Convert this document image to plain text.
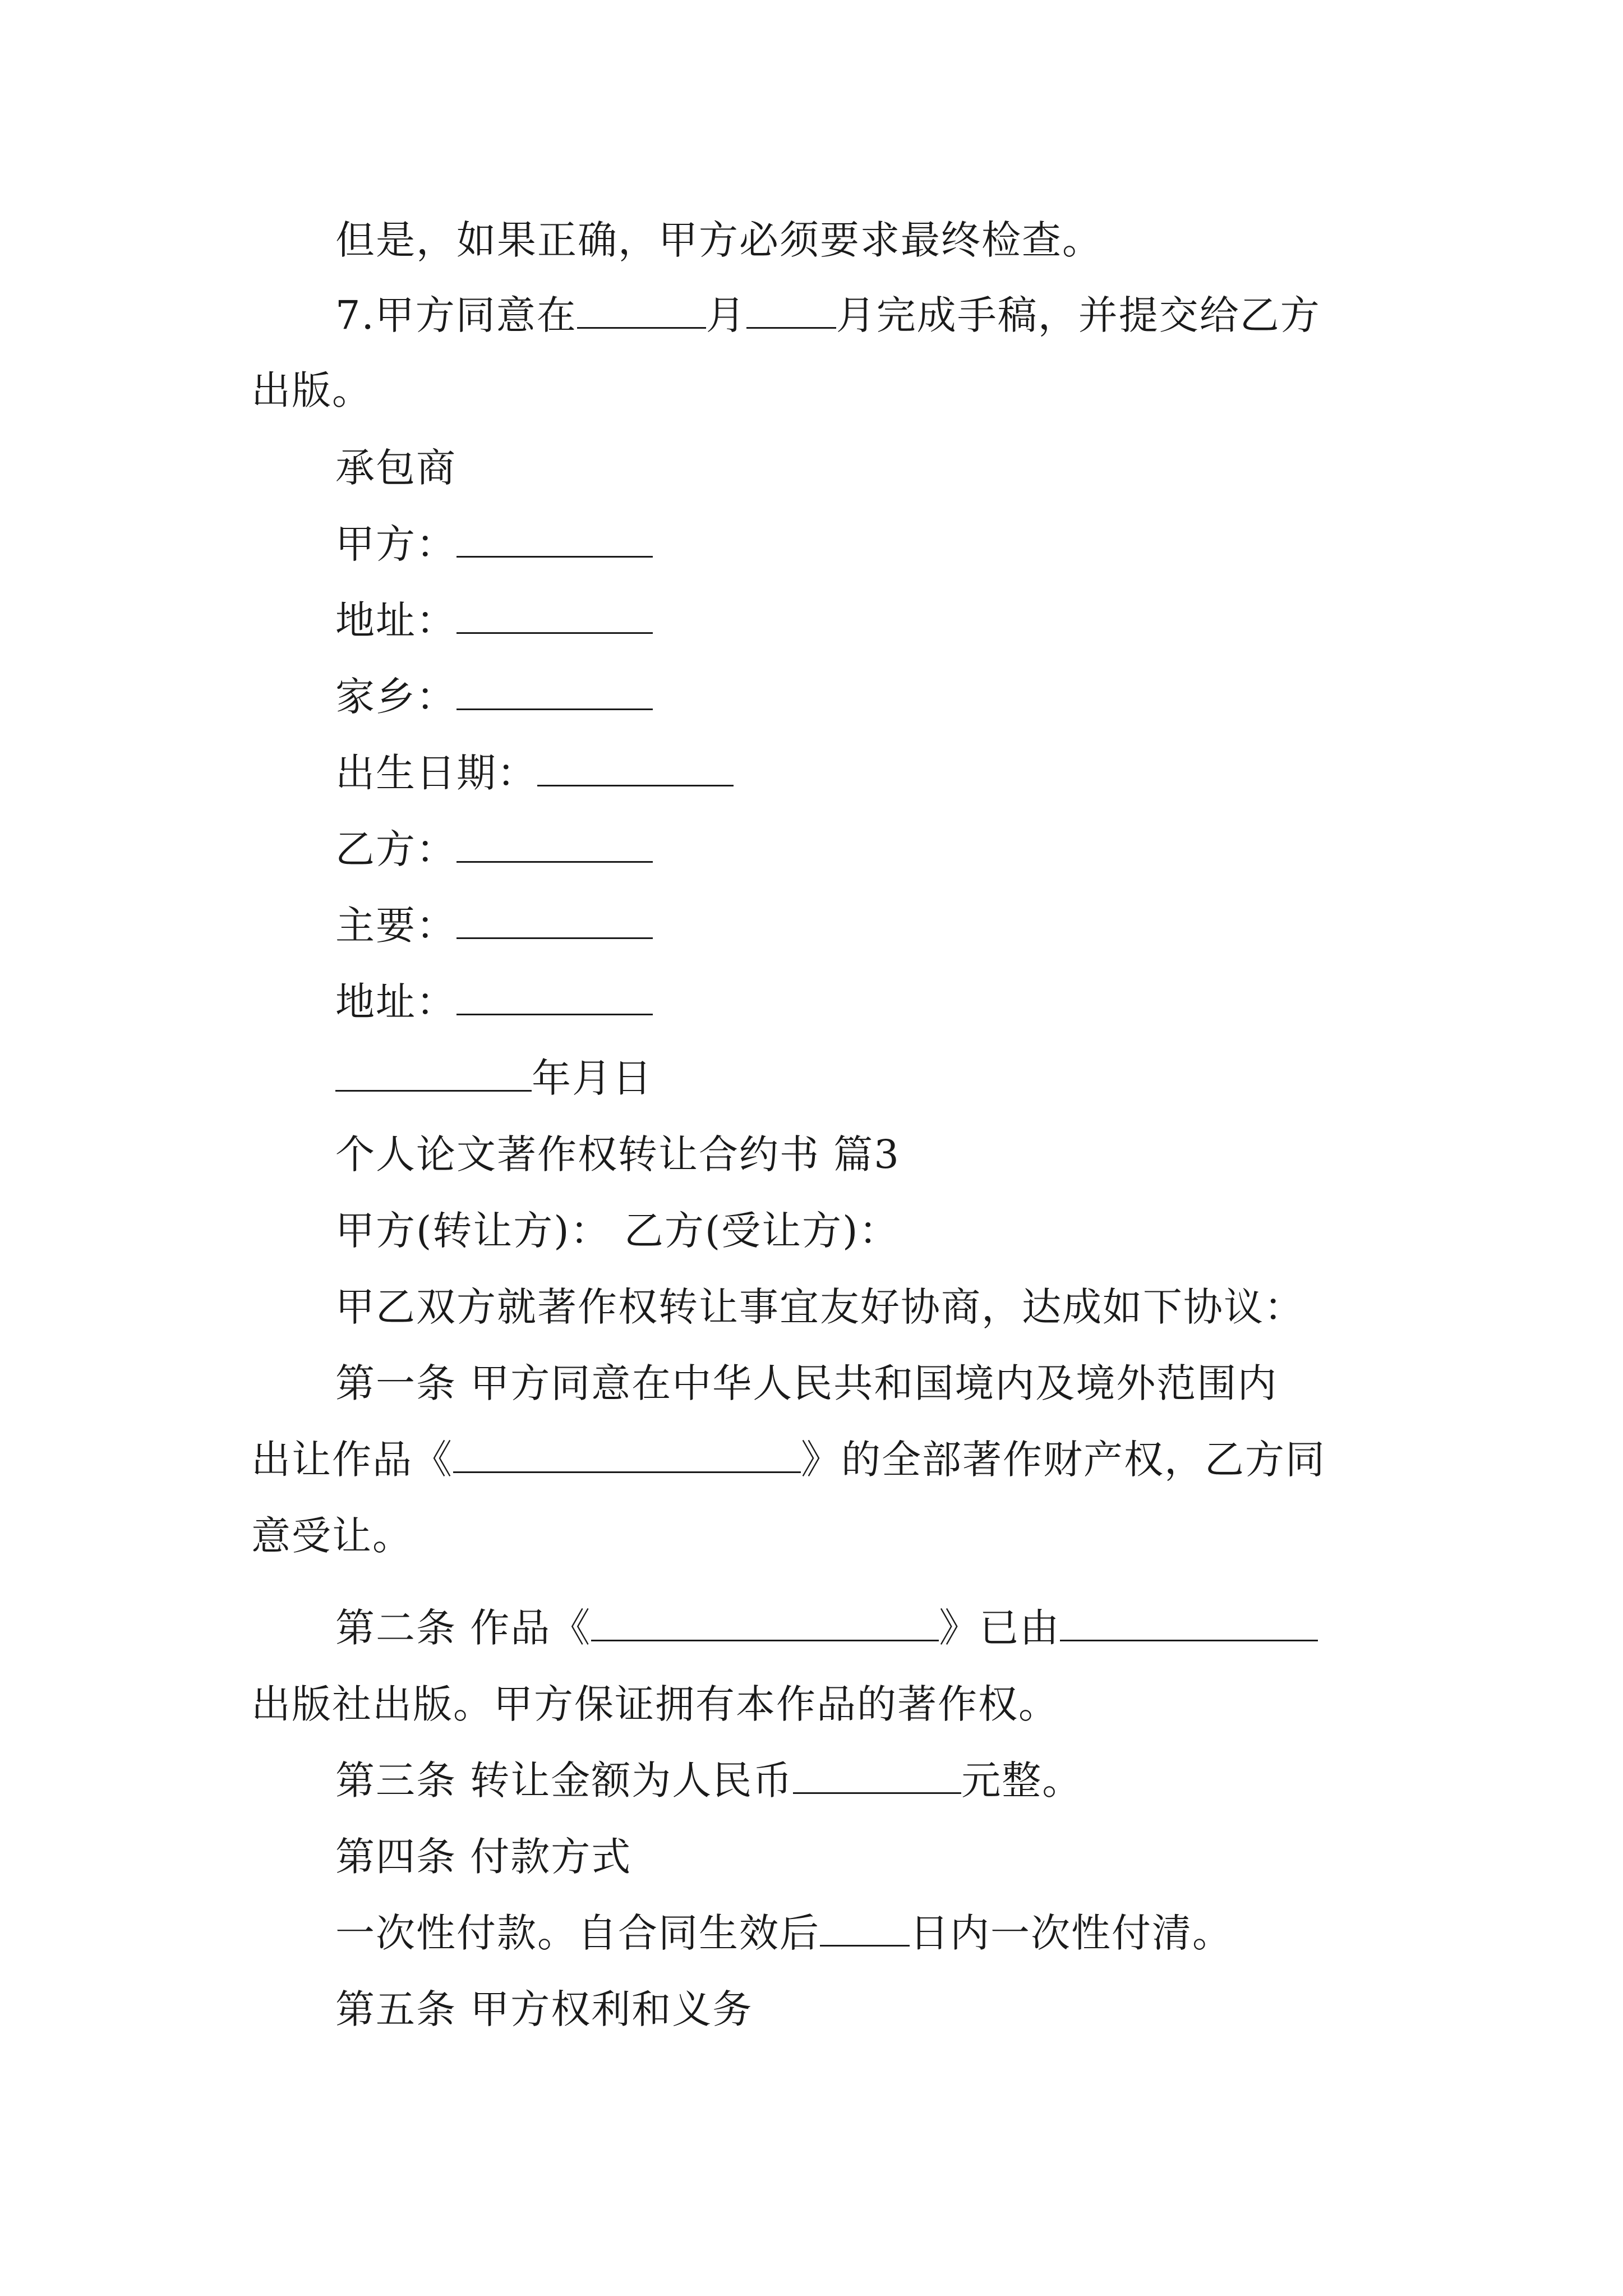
但是，如果正确，甲方必须要求最终检查。
7.甲方同意在	月 月完成手稿，并提交给乙方
出版。
承包商
甲方：
地址：
家乡：
出生日期：
乙方：
主要：
地址：
年月日
个人论文著作权转让合约书 篇3
甲方(转让方)： 乙方(受让方)：
甲乙双方就著作权转让事宜友好协商，达成如下协议：
第一条 甲方同意在中华人民共和国境内及境外范围内
出让作品《	》的全部著作财产权，乙方同
意受让。
第二条 作品《	》已由
出版社出版。甲方保证拥有本作品的著作权。
第三条 转让金额为人民币	元整。
第四条 付款方式
一次性付款。自合同生效后 日内一次性付清。
第五条 甲方权利和义务
